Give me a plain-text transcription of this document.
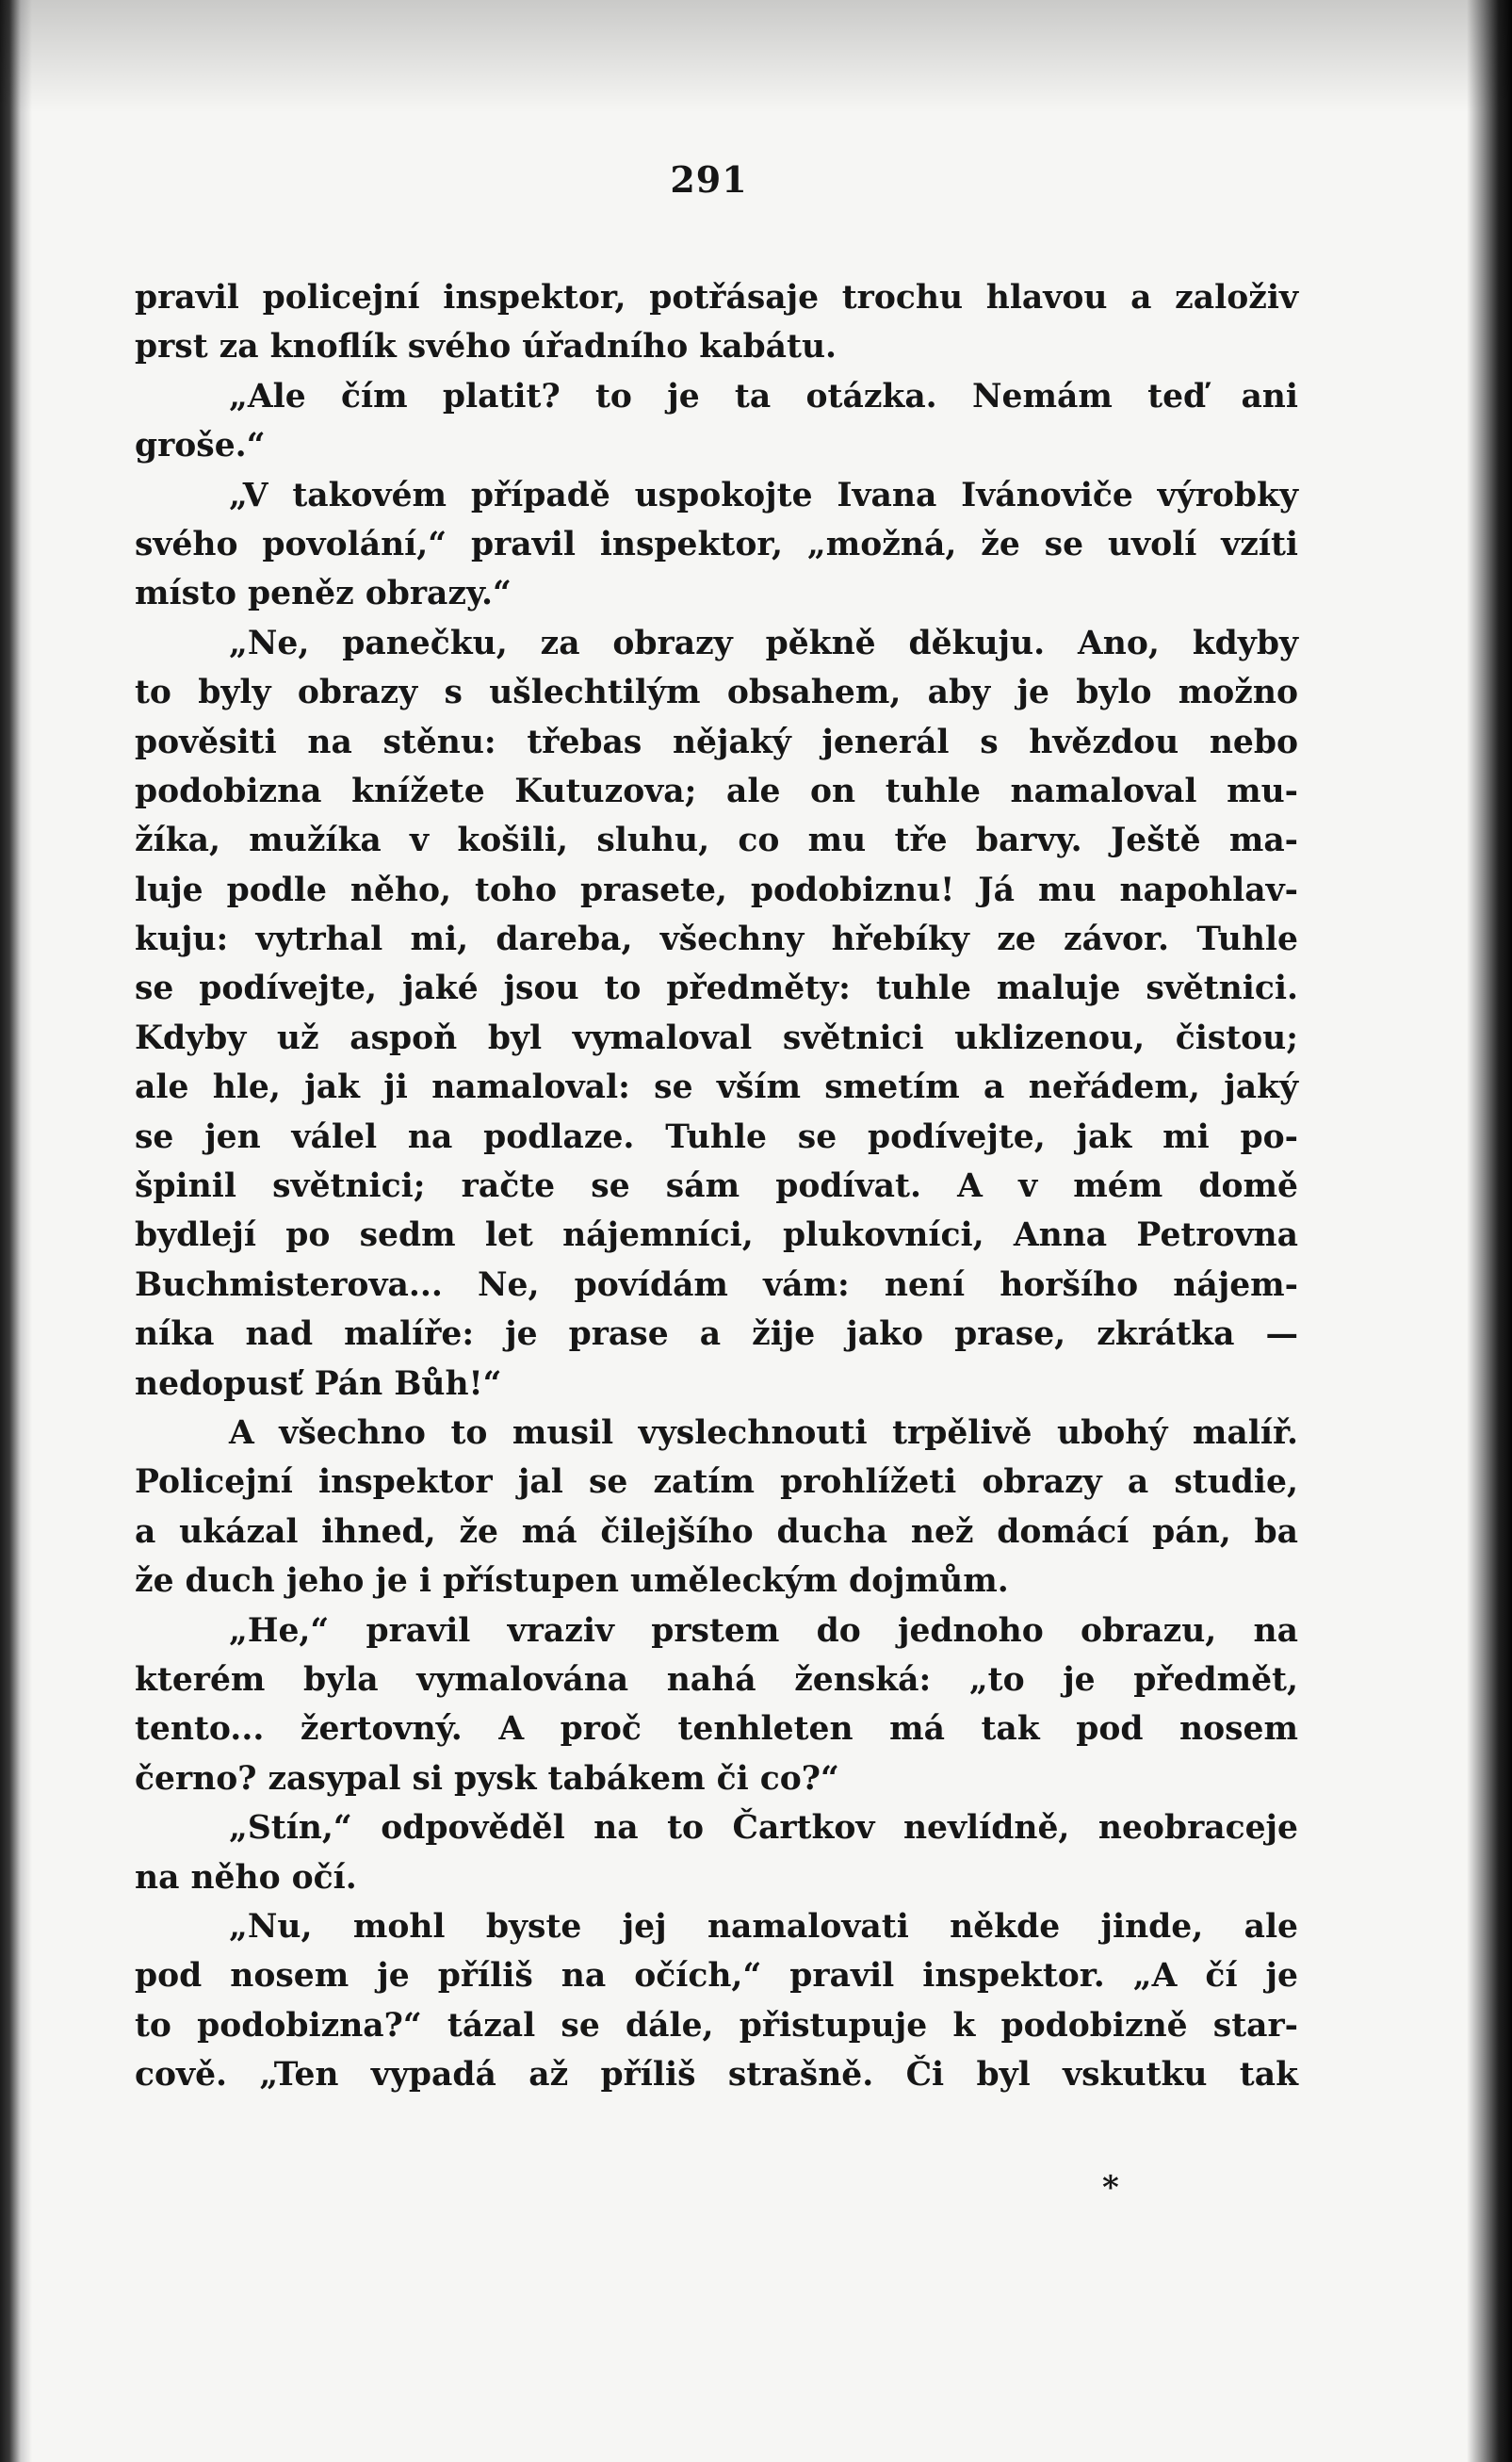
291
pravil policejní inspektor, potřásaje trochu hlavou a založiv
prst za knoflík svého úřadního kabátu.
„Ale čím platit? to je ta otázka. Nemám teď ani
groše.“
„V takovém případě uspokojte Ivana Ivánoviče výrobky
svého povolání,“ pravil inspektor, „možná, že se uvolí vzíti
místo peněz obrazy.“
„Ne, panečku, za obrazy pěkně děkuju. Ano, kdyby
to byly obrazy s ušlechtilým obsahem, aby je bylo možno
pověsiti na stěnu: třebas nějaký jenerál s hvězdou nebo
podobizna knížete Kutuzova; ale on tuhle namaloval mu-
žíka, mužíka v košili, sluhu, co mu tře barvy. Ještě ma-
luje podle něho, toho prasete, podobiznu! Já mu napohlav-
kuju: vytrhal mi, dareba, všechny hřebíky ze závor. Tuhle
se podívejte, jaké jsou to předměty: tuhle maluje světnici.
Kdyby už aspoň byl vymaloval světnici uklizenou, čistou;
ale hle, jak ji namaloval: se vším smetím a neřádem, jaký
se jen válel na podlaze. Tuhle se podívejte, jak mi po-
špinil světnici; račte se sám podívat. A v mém domě
bydlejí po sedm let nájemníci, plukovníci, Anna Petrovna
Buchmisterova... Ne, povídám vám: není horšího nájem-
níka nad malíře: je prase a žije jako prase, zkrátka —
nedopusť Pán Bůh!“
A všechno to musil vyslechnouti trpělivě ubohý malíř.
Policejní inspektor jal se zatím prohlížeti obrazy a studie,
a ukázal ihned, že má čilejšího ducha než domácí pán, ba
že duch jeho je i přístupen uměleckým dojmům.
„He,“ pravil vraziv prstem do jednoho obrazu, na
kterém byla vymalována nahá ženská: „to je předmět,
tento... žertovný. A proč tenhleten má tak pod nosem
černo? zasypal si pysk tabákem či co?“
„Stín,“ odpověděl na to Čartkov nevlídně, neobraceje
na něho očí.
„Nu, mohl byste jej namalovati někde jinde, ale
pod nosem je příliš na očích,“ pravil inspektor. „A čí je
to podobizna?“ tázal se dále, přistupuje k podobizně star-
cově. „Ten vypadá až příliš strašně. Či byl vskutku tak
*
